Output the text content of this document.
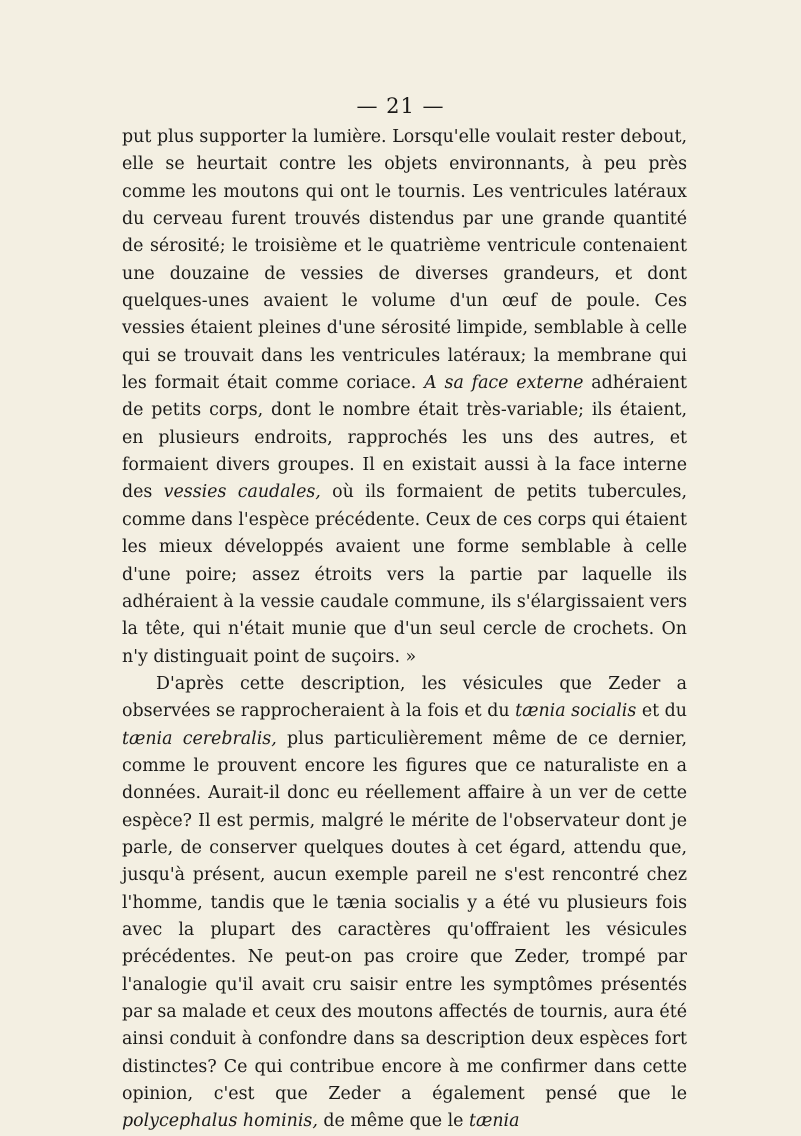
— 21 —

put plus supporter la lumière. Lorsqu'elle voulait rester debout, elle se heurtait contre les objets environnants, à peu près comme les moutons qui ont le tournis. Les ventricules latéraux du cerveau furent trouvés distendus par une grande quantité de sérosité; le troisième et le quatrième ventricule contenaient une douzaine de vessies de diverses grandeurs, et dont quelques-unes avaient le volume d'un œuf de poule. Ces vessies étaient pleines d'une sérosité limpide, semblable à celle qui se trouvait dans les ventricules latéraux; la membrane qui les formait était comme coriace. A sa face externe adhéraient de petits corps, dont le nombre était très-variable; ils étaient, en plusieurs endroits, rapprochés les uns des autres, et formaient divers groupes. Il en existait aussi à la face interne des vessies caudales, où ils formaient de petits tubercules, comme dans l'espèce précédente. Ceux de ces corps qui étaient les mieux développés avaient une forme semblable à celle d'une poire; assez étroits vers la partie par laquelle ils adhéraient à la vessie caudale commune, ils s'élargissaient vers la tête, qui n'était munie que d'un seul cercle de crochets. On n'y distinguait point de suçoirs. »

D'après cette description, les vésicules que Zeder a observées se rapprocheraient à la fois et du tænia socialis et du tænia cerebralis, plus particulièrement même de ce dernier, comme le prouvent encore les figures que ce naturaliste en a données. Aurait-il donc eu réellement affaire à un ver de cette espèce? Il est permis, malgré le mérite de l'observateur dont je parle, de conserver quelques doutes à cet égard, attendu que, jusqu'à présent, aucun exemple pareil ne s'est rencontré chez l'homme, tandis que le tænia socialis y a été vu plusieurs fois avec la plupart des caractères qu'offraient les vésicules précédentes. Ne peut-on pas croire que Zeder, trompé par l'analogie qu'il avait cru saisir entre les symptômes présentés par sa malade et ceux des moutons affectés de tournis, aura été ainsi conduit à confondre dans sa description deux espèces fort distinctes? Ce qui contribue encore à me confirmer dans cette opinion, c'est que Zeder a également pensé que le polycephalus hominis, de même que le tænia
